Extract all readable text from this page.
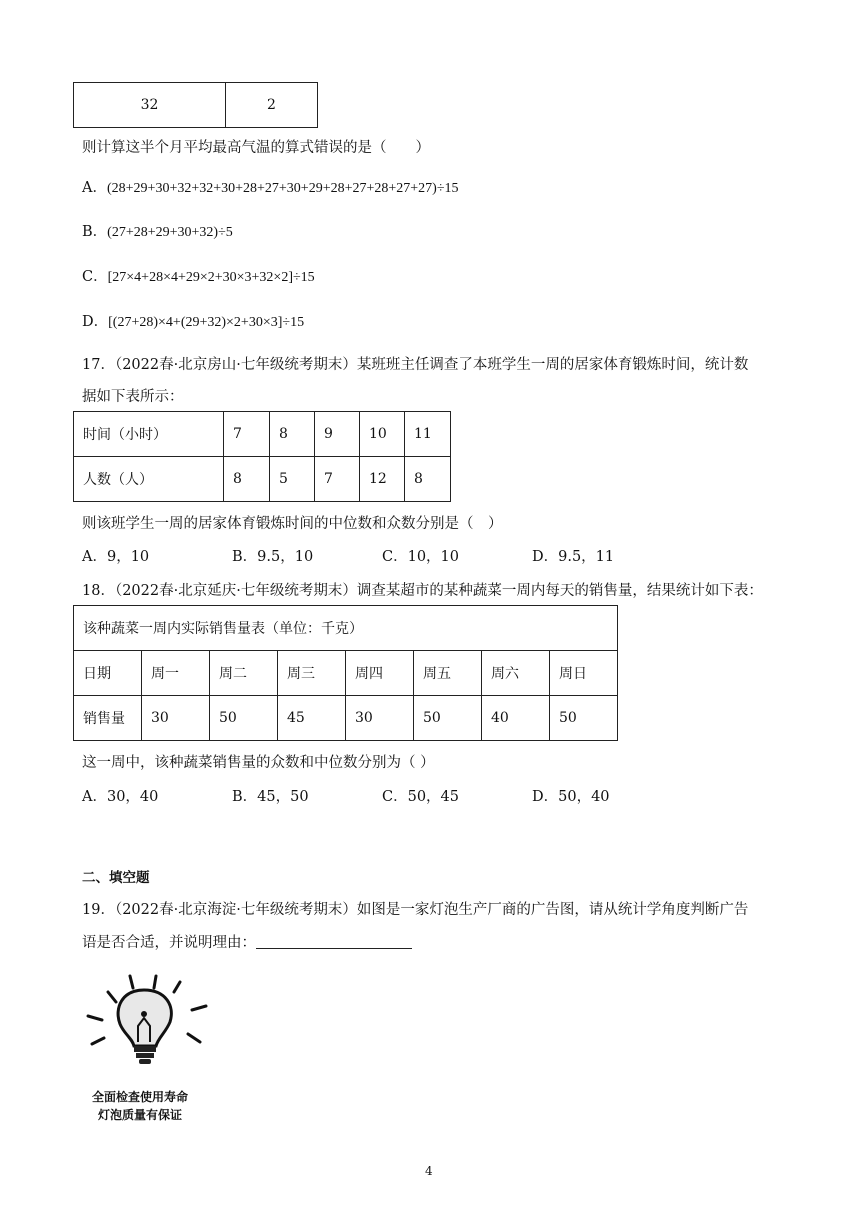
32	2
则计算这半个月平均最高气温的算式错误的是（　　）
A．(28+29+30+32+32+30+28+27+30+29+28+27+28+27+27)÷15
B．(27+28+29+30+32)÷5
C．[27×4+28×4+29×2+30×3+32×2]÷15
D．[(27+28)×4+(29+32)×2+30×3]÷15
17．（2022春·北京房山·七年级统考期末）某班班主任调查了本班学生一周的居家体育锻炼时间，统计数
据如下表所示：
时间（小时）	7	8	9	10	11
人数（人）	8	5	7	12	8
则该班学生一周的居家体育锻炼时间的中位数和众数分别是（　）
A．9，10	B．9.5，10	C．10，10	D．9.5，11
18．（2022春·北京延庆·七年级统考期末）调查某超市的某种蔬菜一周内每天的销售量，结果统计如下表：
该种蔬菜一周内实际销售量表（单位：千克）							
日期	周一	周二	周三	周四	周五	周六	周日
销售量	30	50	45	30	50	40	50
这一周中，该种蔬菜销售量的众数和中位数分别为（ ）
A．30，40	B．45，50	C．50，45	D．50，40
二、填空题
19．（2022春·北京海淀·七年级统考期末）如图是一家灯泡生产厂商的广告图，请从统计学角度判断广告
语是否合适，并说明理由：
全面检查使用寿命
灯泡质量有保证
4
